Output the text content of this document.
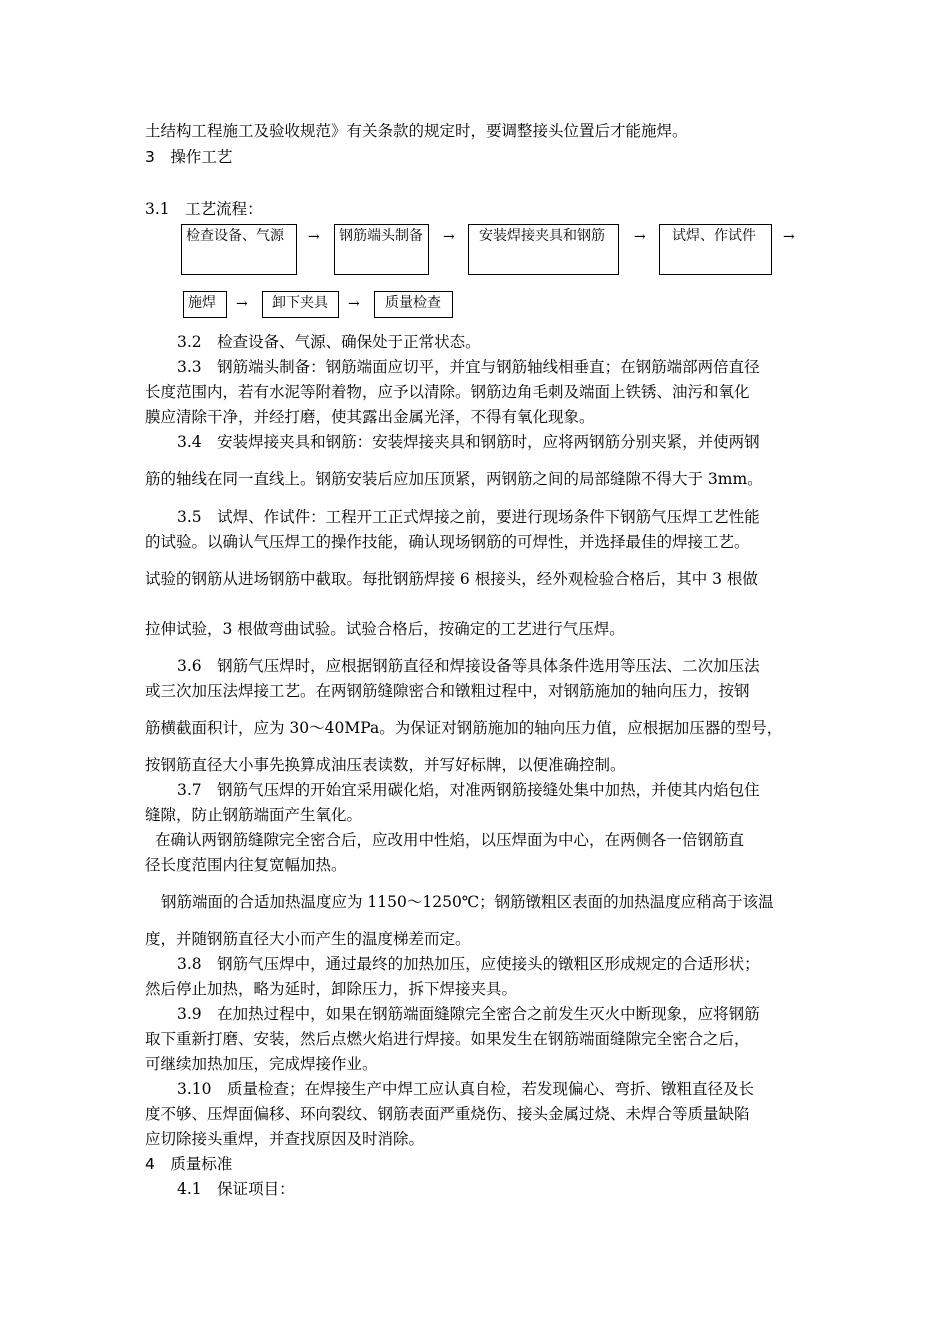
土结构工程施工及验收规范》有关条款的规定时，要调整接头位置后才能施焊。
3　操作工艺
3.1　工艺流程：
检查设备、气源	→	钢筋端头制备	→	安装焊接夹具和钢筋	→	试焊、作试件	→
施焊	→	卸下夹具	→	质量检查
3.2　检查设备、气源、确保处于正常状态。
3.3　钢筋端头制备：钢筋端面应切平，并宜与钢筋轴线相垂直；在钢筋端部两倍直径
长度范围内，若有水泥等附着物，应予以清除。钢筋边角毛刺及端面上铁锈、油污和氧化
膜应清除干净，并经打磨，使其露出金属光泽，不得有氧化现象。
3.4　安装焊接夹具和钢筋：安装焊接夹具和钢筋时，应将两钢筋分别夹紧，并使两钢
筋的轴线在同一直线上。钢筋安装后应加压顶紧，两钢筋之间的局部缝隙不得大于 3mm。
3.5　试焊、作试件：工程开工正式焊接之前，要进行现场条件下钢筋气压焊工艺性能
的试验。以确认气压焊工的操作技能，确认现场钢筋的可焊性，并选择最佳的焊接工艺。
试验的钢筋从进场钢筋中截取。每批钢筋焊接 6 根接头，经外观检验合格后，其中 3 根做
拉伸试验，3 根做弯曲试验。试验合格后，按确定的工艺进行气压焊。
3.6　钢筋气压焊时，应根据钢筋直径和焊接设备等具体条件选用等压法、二次加压法
或三次加压法焊接工艺。在两钢筋缝隙密合和镦粗过程中，对钢筋施加的轴向压力，按钢
筋横截面积计，应为 30～40MPa。为保证对钢筋施加的轴向压力值，应根据加压器的型号，
按钢筋直径大小事先换算成油压表读数，并写好标牌，以便准确控制。
3.7　钢筋气压焊的开始宜采用碳化焰，对准两钢筋接缝处集中加热，并使其内焰包住
缝隙，防止钢筋端面产生氧化。
在确认两钢筋缝隙完全密合后，应改用中性焰，以压焊面为中心，在两侧各一倍钢筋直
径长度范围内往复宽幅加热。
钢筋端面的合适加热温度应为 1150～1250℃；钢筋镦粗区表面的加热温度应稍高于该温
度，并随钢筋直径大小而产生的温度梯差而定。
3.8　钢筋气压焊中，通过最终的加热加压，应使接头的镦粗区形成规定的合适形状；
然后停止加热，略为延时，卸除压力，拆下焊接夹具。
3.9　在加热过程中，如果在钢筋端面缝隙完全密合之前发生灭火中断现象，应将钢筋
取下重新打磨、安装，然后点燃火焰进行焊接。如果发生在钢筋端面缝隙完全密合之后，
可继续加热加压，完成焊接作业。
3.10　质量检查；在焊接生产中焊工应认真自检，若发现偏心、弯折、镦粗直径及长
度不够、压焊面偏移、环向裂纹、钢筋表面严重烧伤、接头金属过烧、未焊合等质量缺陷
应切除接头重焊，并查找原因及时消除。
4　质量标准
4.1　保证项目：
